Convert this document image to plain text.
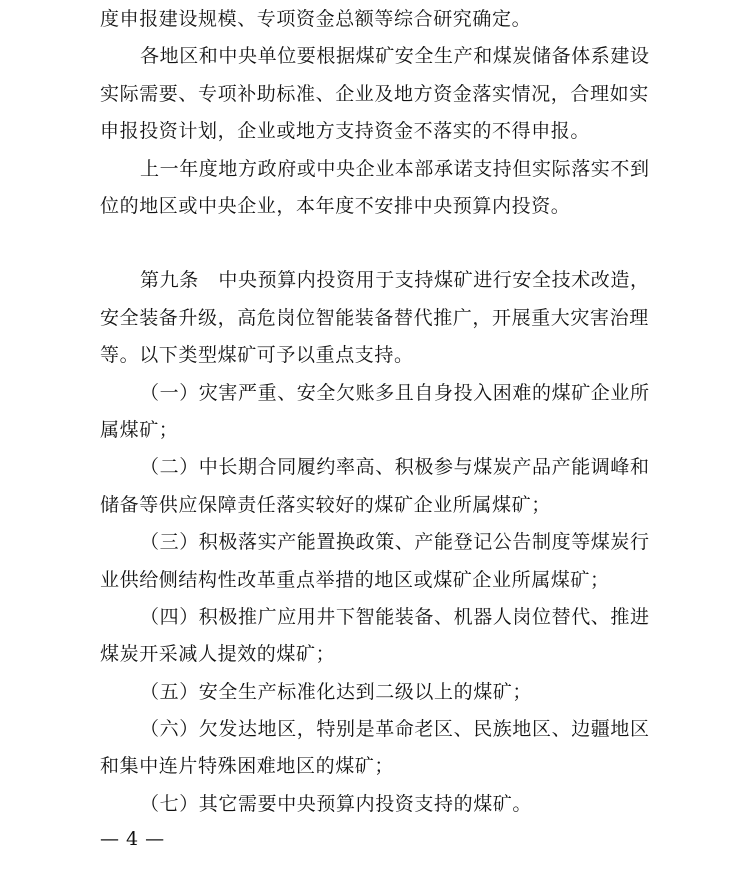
度申报建设规模、专项资金总额等综合研究确定。
各地区和中央单位要根据煤矿安全生产和煤炭储备体系建设
实际需要、专项补助标准、企业及地方资金落实情况，合理如实
申报投资计划，企业或地方支持资金不落实的不得申报。
上一年度地方政府或中央企业本部承诺支持但实际落实不到
位的地区或中央企业，本年度不安排中央预算内投资。
第九条　中央预算内投资用于支持煤矿进行安全技术改造，
安全装备升级，高危岗位智能装备替代推广，开展重大灾害治理
等。以下类型煤矿可予以重点支持。
（一）灾害严重、安全欠账多且自身投入困难的煤矿企业所
属煤矿；
（二）中长期合同履约率高、积极参与煤炭产品产能调峰和
储备等供应保障责任落实较好的煤矿企业所属煤矿；
（三）积极落实产能置换政策、产能登记公告制度等煤炭行
业供给侧结构性改革重点举措的地区或煤矿企业所属煤矿；
（四）积极推广应用井下智能装备、机器人岗位替代、推进
煤炭开采减人提效的煤矿；
（五）安全生产标准化达到二级以上的煤矿；
（六）欠发达地区，特别是革命老区、民族地区、边疆地区
和集中连片特殊困难地区的煤矿；
（七）其它需要中央预算内投资支持的煤矿。
— 4 —
